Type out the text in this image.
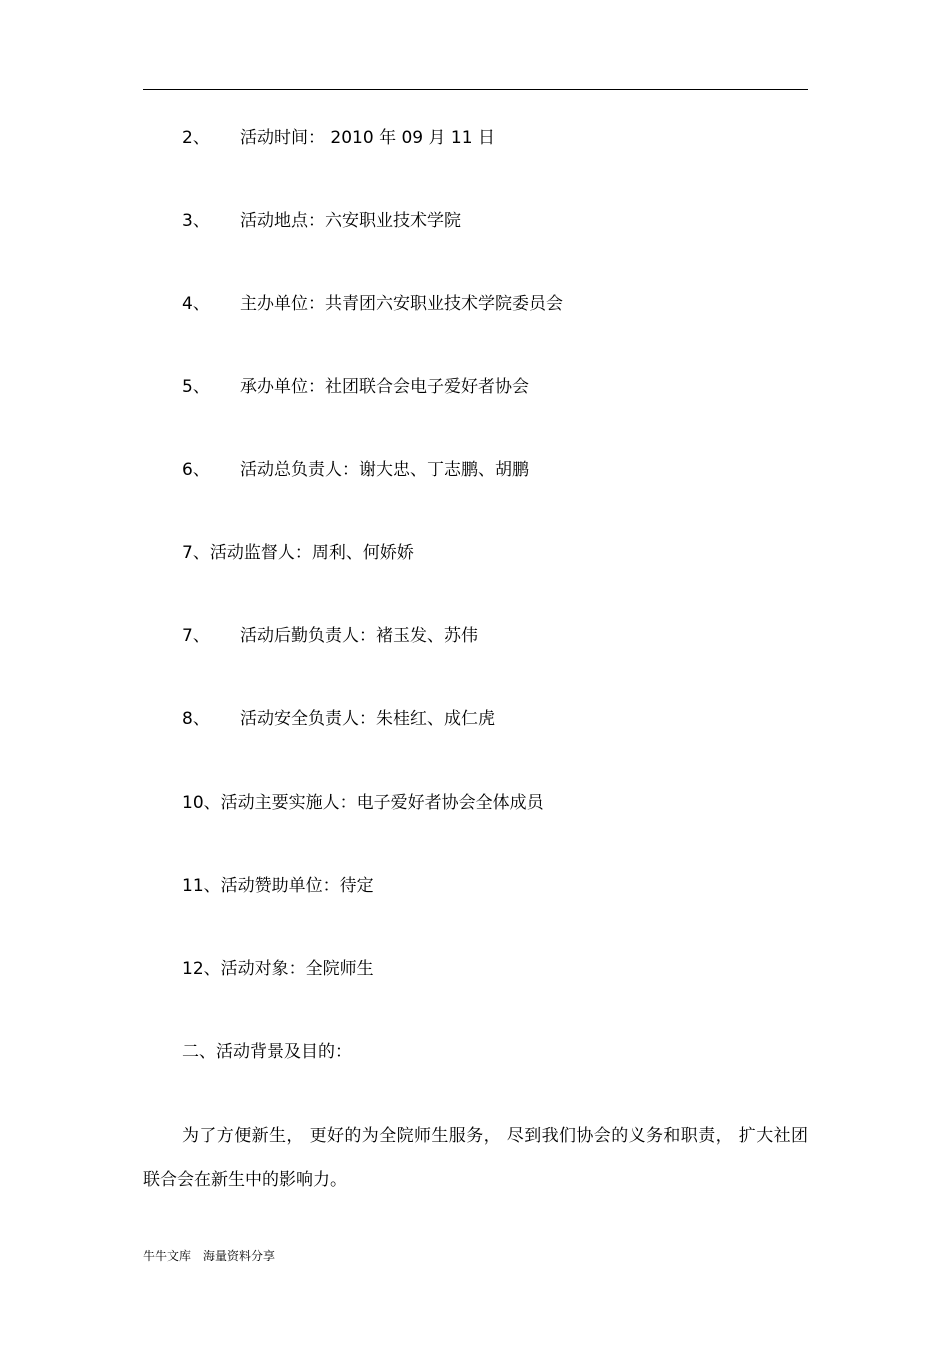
2、 活动时间： 2010 年 09 月 11 日
3、 活动地点：六安职业技术学院
4、 主办单位：共青团六安职业技术学院委员会
5、 承办单位：社团联合会电子爱好者协会
6、 活动总负责人：谢大忠、丁志鹏、胡鹏
7、活动监督人：周利、何娇娇
7、 活动后勤负责人：褚玉发、苏伟
8、 活动安全负责人：朱桂红、成仁虎
10、活动主要实施人：电子爱好者协会全体成员
11、活动赞助单位：待定
12、活动对象：全院师生
二、活动背景及目的：
为了方便新生， 更好的为全院师生服务， 尽到我们协会的义务和职责， 扩大社团联合会在新生中的影响力。
牛牛文库 海量资料分享
